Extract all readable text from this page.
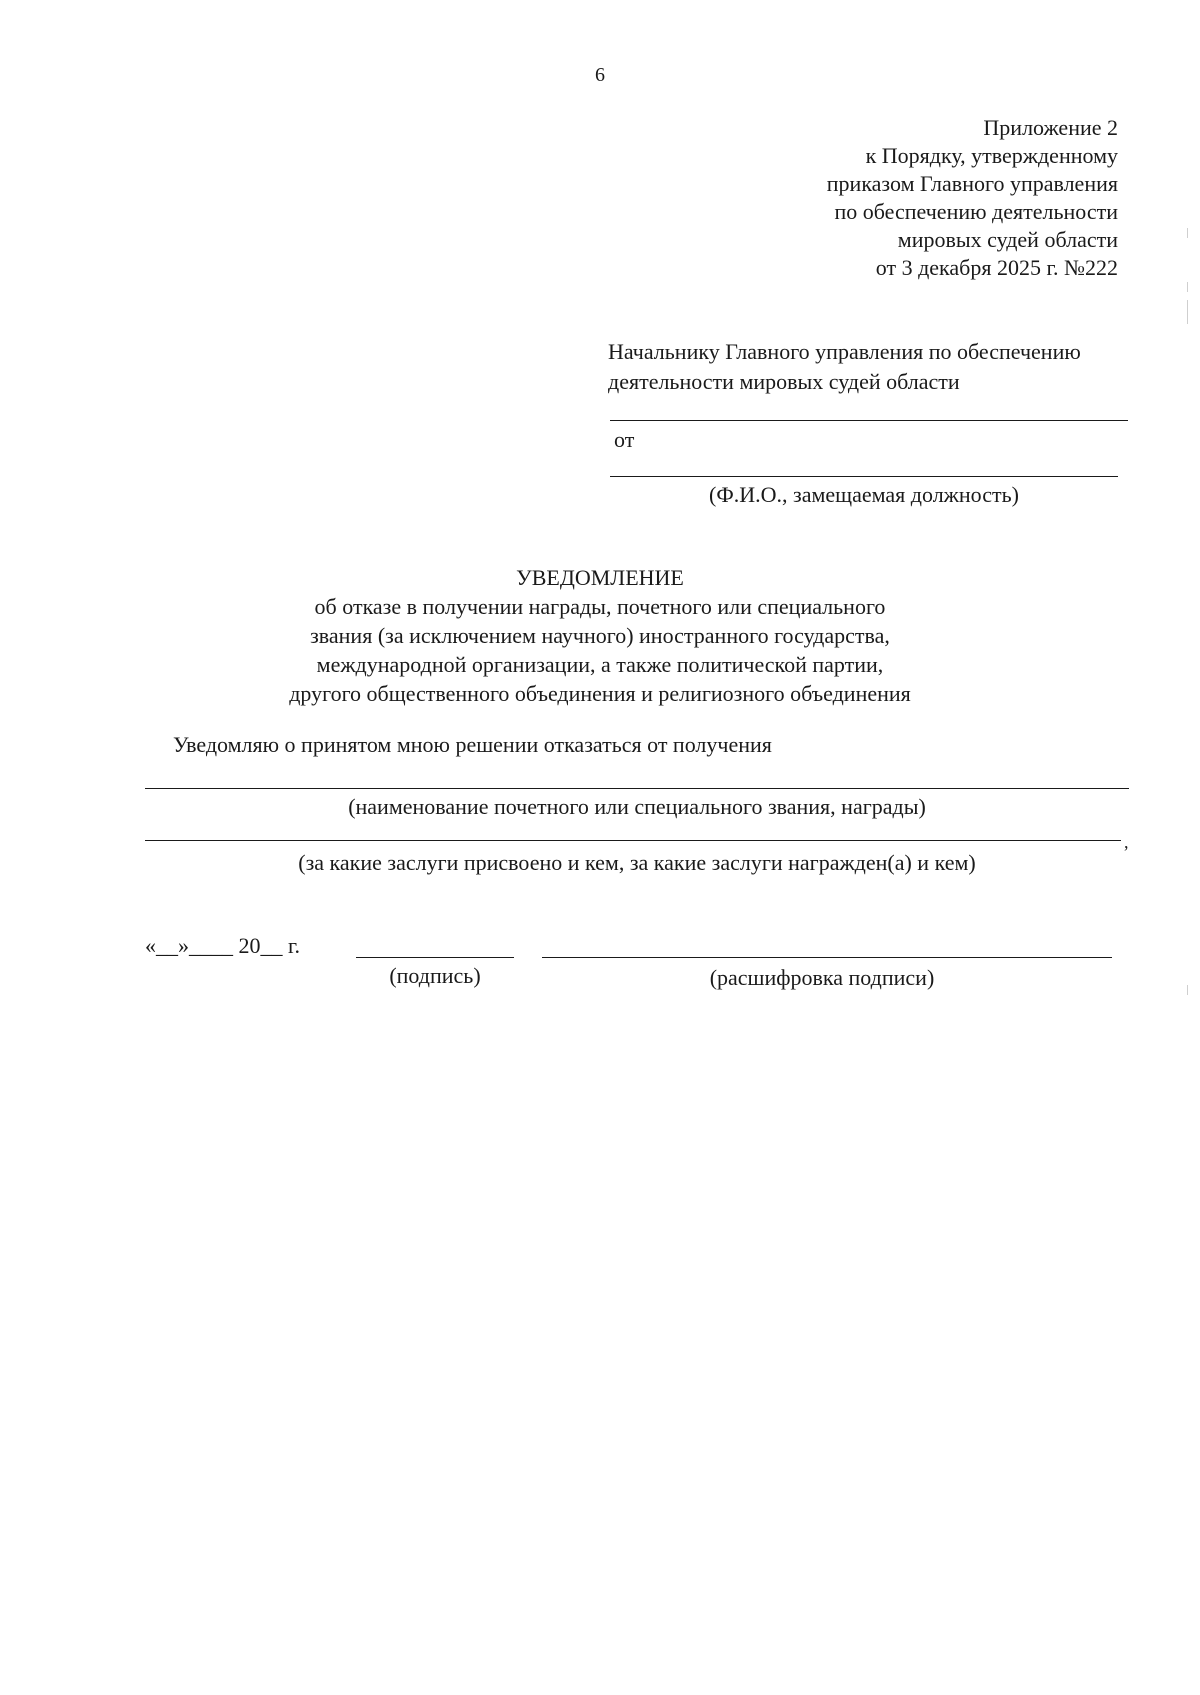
6
Приложение 2
к Порядку, утвержденному
приказом Главного управления
по обеспечению деятельности
мировых судей области
от 3 декабря 2025 г. №222
Начальнику Главного управления по обеспечению
деятельности мировых судей области
от
(Ф.И.О., замещаемая должность)
УВЕДОМЛЕНИЕ
об отказе в получении награды, почетного или специального
звания (за исключением научного) иностранного государства,
международной организации, а также политической партии,
другого общественного объединения и религиозного объединения
Уведомляю о принятом мною решении отказаться от получения
(наименование почетного или специального звания, награды)
,
(за какие заслуги присвоено и кем, за какие заслуги награжден(а) и кем)
«__»____ 20__ г.
(подпись)	(расшифровка подписи)
